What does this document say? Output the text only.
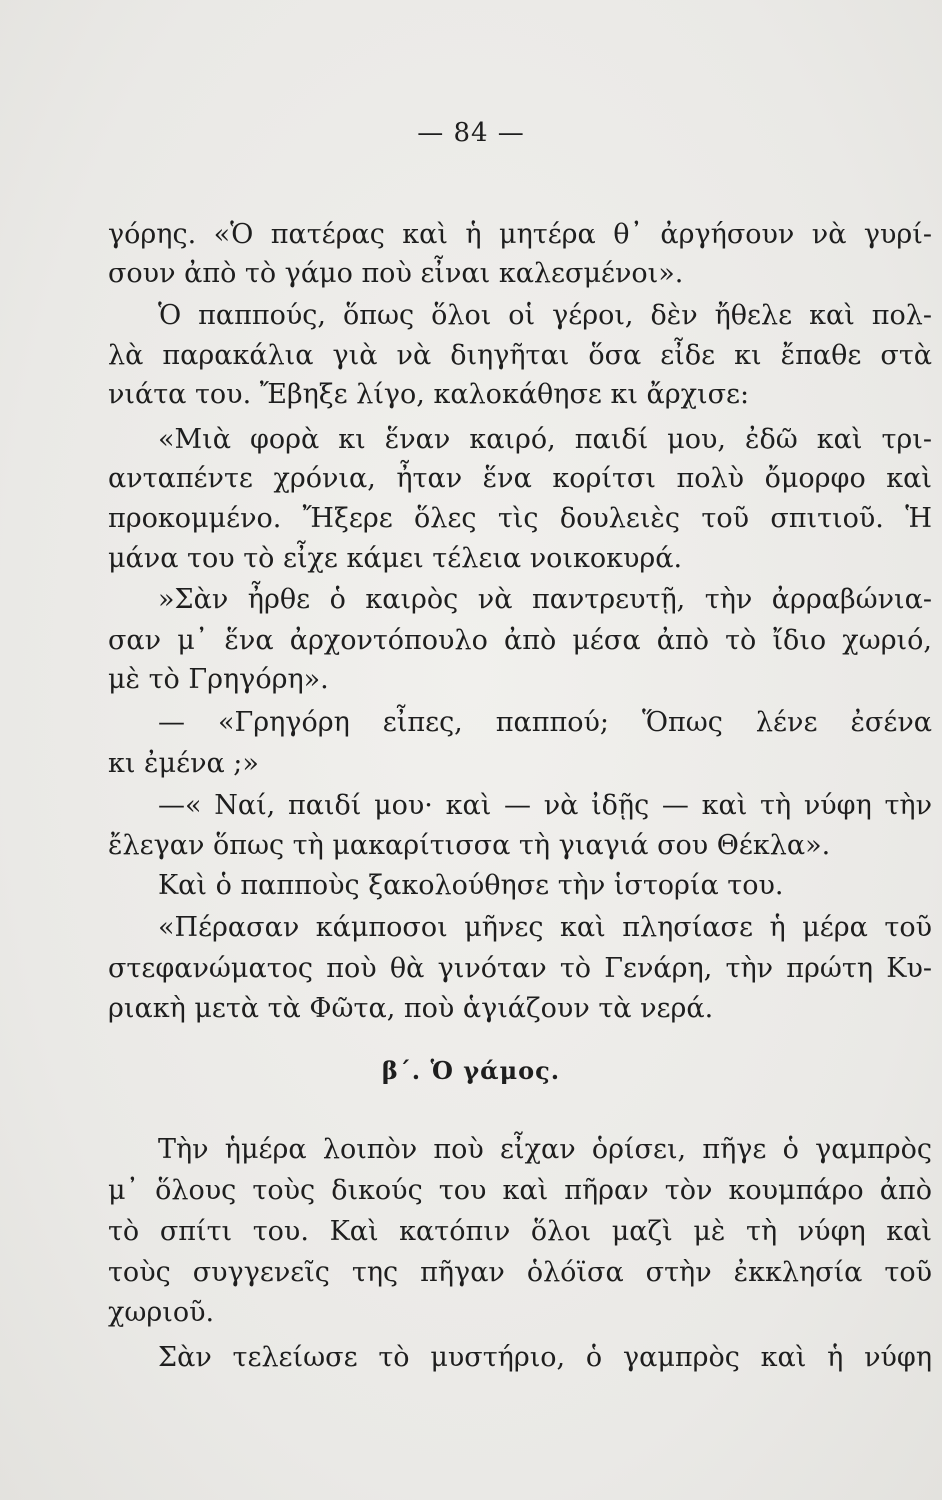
— 84 —
γόρης. «Ὁ πατέρας καὶ ἡ μητέρα θ᾽ ἀργήσουν νὰ γυρί-
σουν ἀπὸ τὸ γάμο ποὺ εἶναι καλεσμένοι».
Ὁ παππούς, ὅπως ὅλοι οἱ γέροι, δὲν ἤθελε καὶ πολ-
λὰ παρακάλια γιὰ νὰ διηγῆται ὅσα εἶδε κι ἔπαθε στὰ
νιάτα του. Ἔβηξε λίγο, καλοκάθησε κι ἄρχισε:
«Μιὰ φορὰ κι ἕναν καιρό, παιδί μου, ἐδῶ καὶ τρι-
ανταπέντε χρόνια, ἦταν ἕνα κορίτσι πολὺ ὄμορφο καὶ
προκομμένο. Ἤξερε ὅλες τὶς δουλειὲς τοῦ σπιτιοῦ. Ἡ
μάνα του τὸ εἶχε κάμει τέλεια νοικοκυρά.
»Σὰν ἦρθε ὁ καιρὸς νὰ παντρευτῇ, τὴν ἀρραβώνια-
σαν μ᾽ ἕνα ἀρχοντόπουλο ἀπὸ μέσα ἀπὸ τὸ ἴδιο χωριό,
μὲ τὸ Γρηγόρη».
— «Γρηγόρη εἶπες, παππού; Ὅπως λένε ἐσένα
κι ἐμένα ;»
—« Ναί, παιδί μου· καὶ — νὰ ἰδῇς — καὶ τὴ νύφη τὴν
ἔλεγαν ὅπως τὴ μακαρίτισσα τὴ γιαγιά σου Θέκλα».
Καὶ ὁ παπποὺς ξακολούθησε τὴν ἱστορία του.
«Πέρασαν κάμποσοι μῆνες καὶ πλησίασε ἡ μέρα τοῦ
στεφανώματος ποὺ θὰ γινόταν τὸ Γενάρη, τὴν πρώτη Κυ-
ριακὴ μετὰ τὰ Φῶτα, ποὺ ἁγιάζουν τὰ νερά.
β΄. Ὁ γάμος.
Τὴν ἡμέρα λοιπὸν ποὺ εἶχαν ὁρίσει, πῆγε ὁ γαμπρὸς
μ᾽ ὅλους τοὺς δικούς του καὶ πῆραν τὸν κουμπάρο ἀπὸ
τὸ σπίτι του. Καὶ κατόπιν ὅλοι μαζὶ μὲ τὴ νύφη καὶ
τοὺς συγγενεῖς της πῆγαν ὁλόϊσα στὴν ἐκκλησία τοῦ
χωριοῦ.
Σὰν τελείωσε τὸ μυστήριο, ὁ γαμπρὸς καὶ ἡ νύφη
